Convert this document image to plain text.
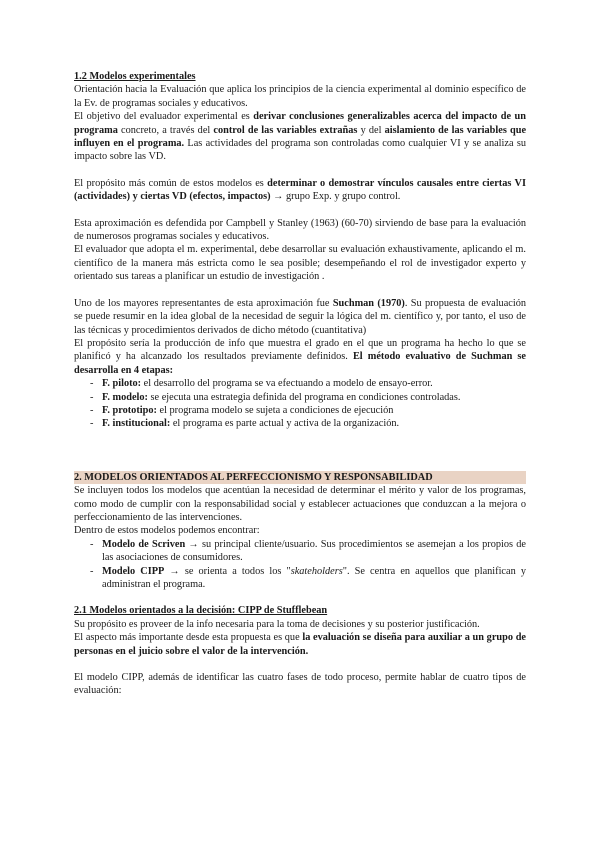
1.2 Modelos experimentales

Orientación hacia la Evaluación que aplica los principios de la ciencia experimental al dominio específico de la Ev. de programas sociales y educativos.

El objetivo del evaluador experimental es derivar conclusiones generalizables acerca del impacto de un programa concreto, a través del control de las variables extrañas y del aislamiento de las variables que influyen en el programa. Las actividades del programa son controladas como cualquier VI y se analiza su impacto sobre las VD.

El propósito más común de estos modelos es determinar o demostrar vínculos causales entre ciertas VI (actividades) y ciertas VD (efectos, impactos) → grupo Exp. y grupo control.

Esta aproximación es defendida por Campbell y Stanley (1963) (60-70) sirviendo de base para la evaluación de numerosos programas sociales y educativos.

El evaluador que adopta el m. experimental, debe desarrollar su evaluación exhaustivamente, aplicando el m. científico de la manera más estricta como le sea posible; desempeñando el rol de investigador experto y orientado sus tareas a planificar un estudio de investigación .

Uno de los mayores representantes de esta aproximación fue Suchman (1970). Su propuesta de evaluación se puede resumir en la idea global de la necesidad de seguir la lógica del m. científico y, por tanto, el uso de las técnicas y procedimientos derivados de dicho método (cuantitativa)

El propósito sería la producción de info que muestra el grado en el que un programa ha hecho lo que se planificó y ha alcanzado los resultados previamente definidos. El método evaluativo de Suchman se desarrolla en 4 etapas:

- F. piloto: el desarrollo del programa se va efectuando a modelo de ensayo-error.
- F. modelo: se ejecuta una estrategia definida del programa en condiciones controladas.
- F. prototipo: el programa modelo se sujeta a condiciones de ejecución
- F. institucional: el programa es parte actual y activa de la organización.
2. MODELOS ORIENTADOS AL PERFECCIONISMO Y RESPONSABILIDAD

Se incluyen todos los modelos que acentúan la necesidad de determinar el mérito y valor de los programas, como modo de cumplir con la responsabilidad social y establecer actuaciones que conduzcan a la mejora o perfeccionamiento de las intervenciones.

Dentro de estos modelos podemos encontrar:

- Modelo de Scriven → su principal cliente/usuario. Sus procedimientos se asemejan a los propios de las asociaciones de consumidores.
- Modelo CIPP → se orienta a todos los "skateholders". Se centra en aquellos que planifican y administran el programa.

2.1 Modelos orientados a la decisión: CIPP de Stufflebean

Su propósito es proveer de la info necesaria para la toma de decisiones y su posterior justificación.

El aspecto más importante desde esta propuesta es que la evaluación se diseña para auxiliar a un grupo de personas en el juicio sobre el valor de la intervención.

El modelo CIPP, además de identificar las cuatro fases de todo proceso, permite hablar de cuatro tipos de evaluación:
